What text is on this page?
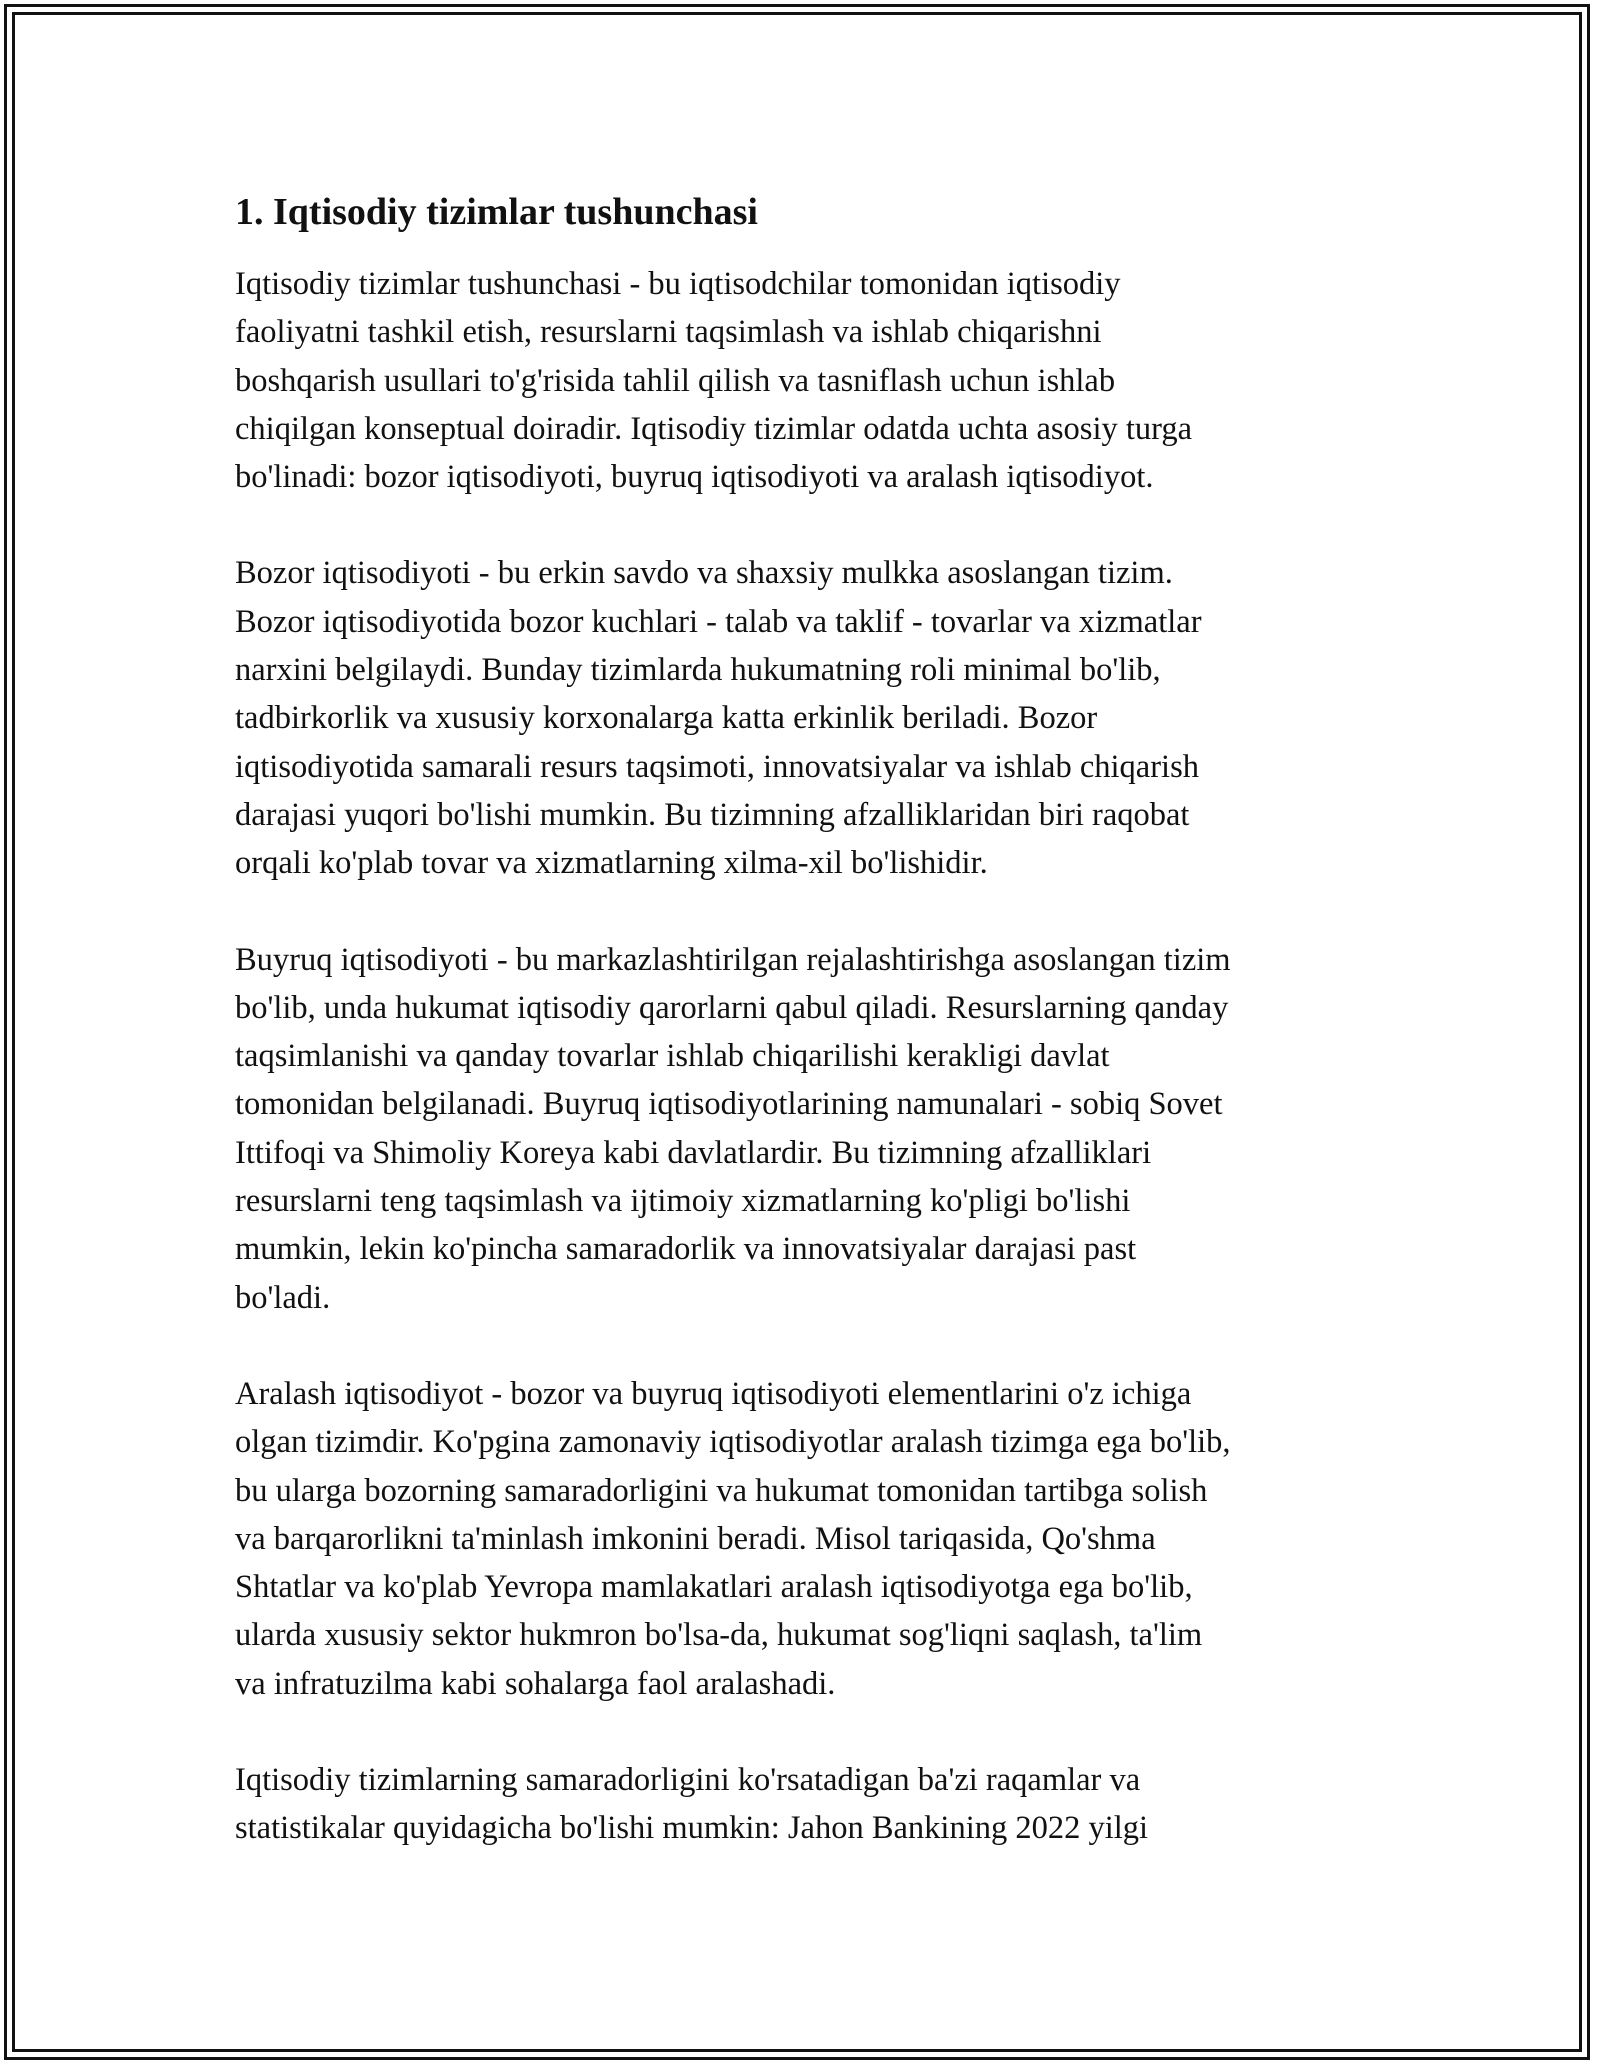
1. Iqtisodiy tizimlar tushunchasi

Iqtisodiy tizimlar tushunchasi - bu iqtisodchilar tomonidan iqtisodiy
faoliyatni tashkil etish, resurslarni taqsimlash va ishlab chiqarishni
boshqarish usullari to'g'risida tahlil qilish va tasniflash uchun ishlab
chiqilgan konseptual doiradir. Iqtisodiy tizimlar odatda uchta asosiy turga
bo'linadi: bozor iqtisodiyoti, buyruq iqtisodiyoti va aralash iqtisodiyot.

Bozor iqtisodiyoti - bu erkin savdo va shaxsiy mulkka asoslangan tizim.
Bozor iqtisodiyotida bozor kuchlari - talab va taklif - tovarlar va xizmatlar
narxini belgilaydi. Bunday tizimlarda hukumatning roli minimal bo'lib,
tadbirkorlik va xususiy korxonalarga katta erkinlik beriladi. Bozor
iqtisodiyotida samarali resurs taqsimoti, innovatsiyalar va ishlab chiqarish
darajasi yuqori bo'lishi mumkin. Bu tizimning afzalliklaridan biri raqobat
orqali ko'plab tovar va xizmatlarning xilma-xil bo'lishidir.

Buyruq iqtisodiyoti - bu markazlashtirilgan rejalashtirishga asoslangan tizim
bo'lib, unda hukumat iqtisodiy qarorlarni qabul qiladi. Resurslarning qanday
taqsimlanishi va qanday tovarlar ishlab chiqarilishi kerakligi davlat
tomonidan belgilanadi. Buyruq iqtisodiyotlarining namunalari - sobiq Sovet
Ittifoqi va Shimoliy Koreya kabi davlatlardir. Bu tizimning afzalliklari
resurslarni teng taqsimlash va ijtimoiy xizmatlarning ko'pligi bo'lishi
mumkin, lekin ko'pincha samaradorlik va innovatsiyalar darajasi past
bo'ladi.

Aralash iqtisodiyot - bozor va buyruq iqtisodiyoti elementlarini o'z ichiga
olgan tizimdir. Ko'pgina zamonaviy iqtisodiyotlar aralash tizimga ega bo'lib,
bu ularga bozorning samaradorligini va hukumat tomonidan tartibga solish
va barqarorlikni ta'minlash imkonini beradi. Misol tariqasida, Qo'shma
Shtatlar va ko'plab Yevropa mamlakatlari aralash iqtisodiyotga ega bo'lib,
ularda xususiy sektor hukmron bo'lsa-da, hukumat sog'liqni saqlash, ta'lim
va infratuzilma kabi sohalarga faol aralashadi.

Iqtisodiy tizimlarning samaradorligini ko'rsatadigan ba'zi raqamlar va
statistikalar quyidagicha bo'lishi mumkin: Jahon Bankining 2022 yilgi
